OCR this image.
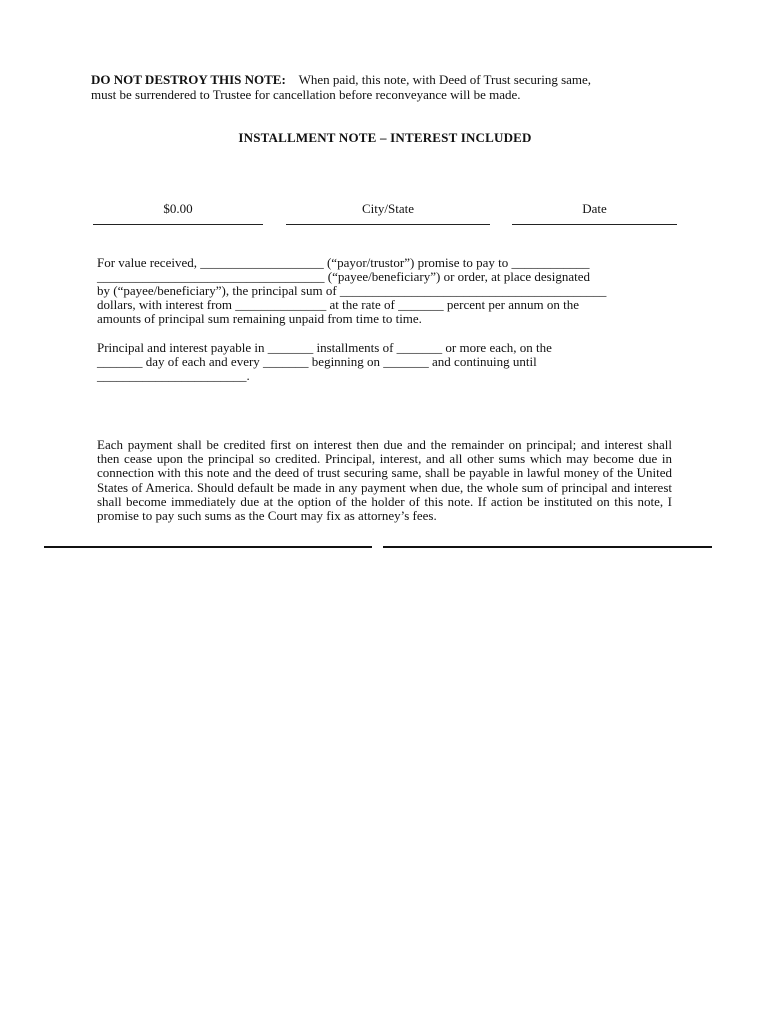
DO NOT DESTROY THIS NOTE: When paid, this note, with Deed of Trust securing same,
must be surrendered to Trustee for cancellation before reconveyance will be made.
INSTALLMENT NOTE – INTEREST INCLUDED
$0.00	City/State	Date
For value received, ___________________ (“payor/trustor”) promise to pay to ____________
___________________________________ (“payee/beneficiary”) or order, at place designated
by (“payee/beneficiary”), the principal sum of _________________________________________
dollars, with interest from ______________ at the rate of _______ percent per annum on the
amounts of principal sum remaining unpaid from time to time.
Principal and interest payable in _______ installments of _______ or more each, on the
_______ day of each and every _______ beginning on _______ and continuing until
_______________________.
Each payment shall be credited first on interest then due and the remainder on principal; and interest shall then cease upon the principal so credited. Principal, interest, and all other sums which may become due in connection with this note and the deed of trust securing same, shall be payable in lawful money of the United States of America. Should default be made in any payment when due, the whole sum of principal and interest shall become immediately due at the option of the holder of this note. If action be instituted on this note, I promise to pay such sums as the Court may fix as attorney’s fees.
